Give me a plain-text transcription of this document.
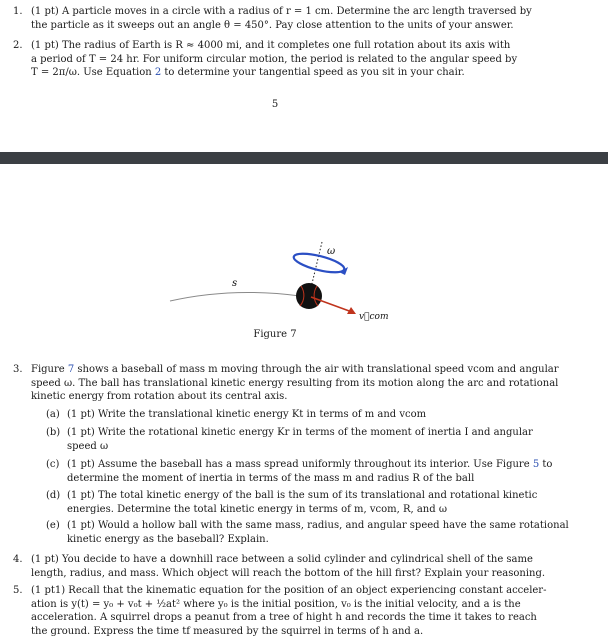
1. (1 pt) A particle moves in a circle with a radius of r = 1 cm. Determine the arc length traversed by
the particle as it sweeps out an angle θ = 450°. Pay close attention to the units of your answer.
2. (1 pt) The radius of Earth is R ≈ 4000 mi, and it completes one full rotation about its axis with
a period of T = 24 hr. For uniform circular motion, the period is related to the angular speed by
T = 2π/ω. Use Equation 2 to determine your tangential speed as you sit in your chair.
5
s
ω
v⃗com
Figure 7
3. Figure 7 shows a baseball of mass m moving through the air with translational speed vcom and angular
speed ω. The ball has translational kinetic energy resulting from its motion along the arc and rotational
kinetic energy from rotation about its central axis.
(a) (1 pt) Write the translational kinetic energy Kt in terms of m and vcom
(b) (1 pt) Write the rotational kinetic energy Kr in terms of the moment of inertia I and angular
speed ω
(c) (1 pt) Assume the baseball has a mass spread uniformly throughout its interior. Use Figure 5 to
determine the moment of inertia in terms of the mass m and radius R of the ball
(d) (1 pt) The total kinetic energy of the ball is the sum of its translational and rotational kinetic
energies. Determine the total kinetic energy in terms of m, vcom, R, and ω
(e) (1 pt) Would a hollow ball with the same mass, radius, and angular speed have the same rotational
kinetic energy as the baseball? Explain.
4. (1 pt) You decide to have a downhill race between a solid cylinder and cylindrical shell of the same
length, radius, and mass. Which object will reach the bottom of the hill first? Explain your reasoning.
5. (1 pt1) Recall that the kinematic equation for the position of an object experiencing constant acceler-
ation is y(t) = y₀ + v₀t + ½at² where y₀ is the initial position, v₀ is the initial velocity, and a is the
acceleration. A squirrel drops a peanut from a tree of hight h and records the time it takes to reach
the ground. Express the time tf measured by the squirrel in terms of h and a.
